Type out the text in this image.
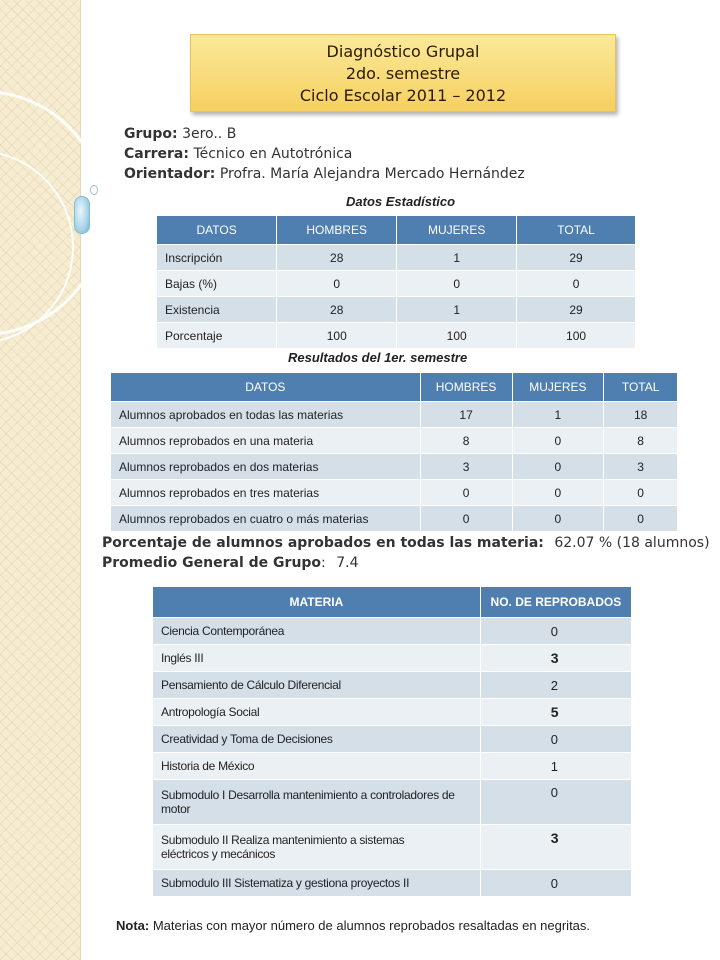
Diagnóstico Grupal
2do. semestre
Ciclo Escolar 2011 – 2012
Grupo: 3ero.. B
Carrera: Técnico en Autotrónica
Orientador: Profra. María Alejandra Mercado Hernández
Datos Estadístico
DATOS	HOMBRES	MUJERES	TOTAL
Inscripción	28	1	29
Bajas (%)	0	0	0
Existencia	28	1	29
Porcentaje	100	100	100
Resultados del 1er. semestre
DATOS	HOMBRES	MUJERES	TOTAL
Alumnos aprobados en todas las materias	17	1	18
Alumnos reprobados en una materia	8	0	8
Alumnos reprobados en dos materias	3	0	3
Alumnos reprobados en tres materias	0	0	0
Alumnos reprobados en cuatro o más materias	0	0	0
Porcentaje de alumnos aprobados en todas las materia: 62.07 % (18 alumnos)
Promedio General de Grupo: 7.4
MATERIA	NO. DE REPROBADOS
Ciencia Contemporánea	0
Inglés III	3
Pensamiento de Cálculo Diferencial	2
Antropología Social	5
Creatividad y Toma de Decisiones	0
Historia de México	1
Submodulo I Desarrolla mantenimiento a controladores de motor	0
Submodulo II Realiza mantenimiento a sistemas eléctricos y mecánicos	3
Submodulo III Sistematiza y gestiona proyectos II	0
Nota: Materias con mayor número de alumnos reprobados resaltadas en negritas.
